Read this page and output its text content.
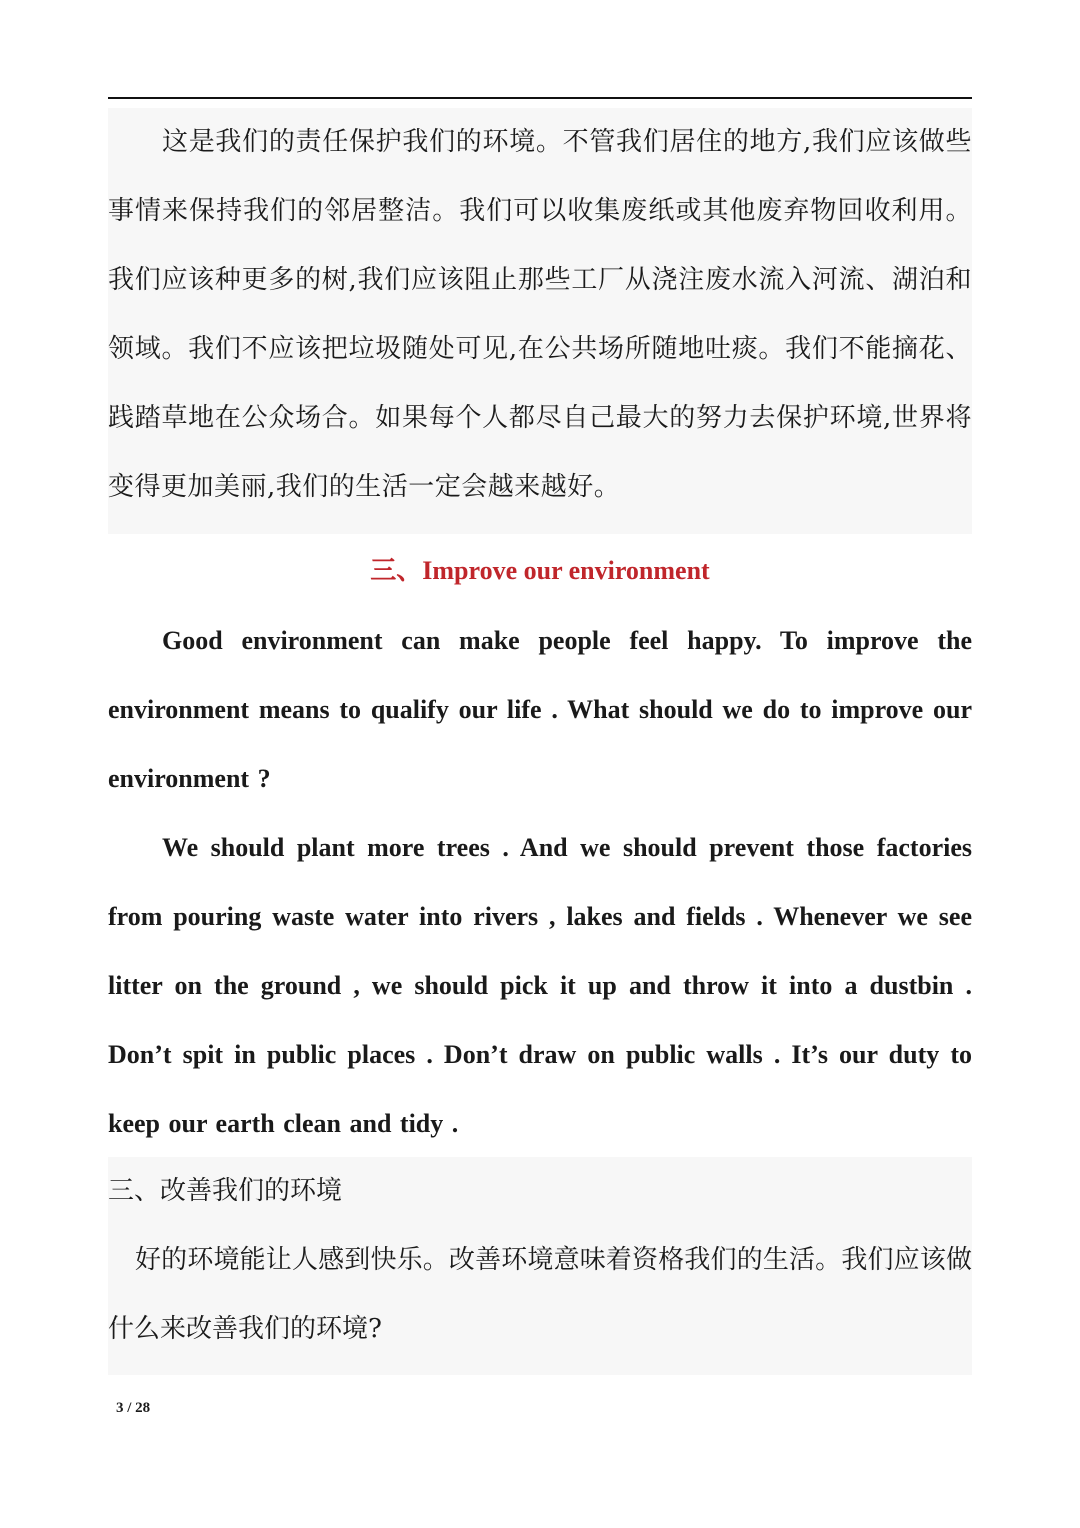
这是我们的责任保护我们的环境。不管我们居住的地方,我们应该做些事情来保持我们的邻居整洁。我们可以收集废纸或其他废弃物回收利用。我们应该种更多的树,我们应该阻止那些工厂从浇注废水流入河流、湖泊和领域。我们不应该把垃圾随处可见,在公共场所随地吐痰。我们不能摘花、践踏草地在公众场合。如果每个人都尽自己最大的努力去保护环境,世界将变得更加美丽,我们的生活一定会越来越好。

三、Improve our environment

Good environment can make people feel happy. To improve the environment means to qualify our life . What should we do to improve our environment ?

We should plant more trees . And we should prevent those factories from pouring waste water into rivers , lakes and fields . Whenever we see litter on the ground , we should pick it up and throw it into a dustbin . Don’t spit in public places . Don’t draw on public walls . It’s our duty to keep our earth clean and tidy .

三、改善我们的环境

好的环境能让人感到快乐。改善环境意味着资格我们的生活。我们应该做什么来改善我们的环境?

3 / 28
